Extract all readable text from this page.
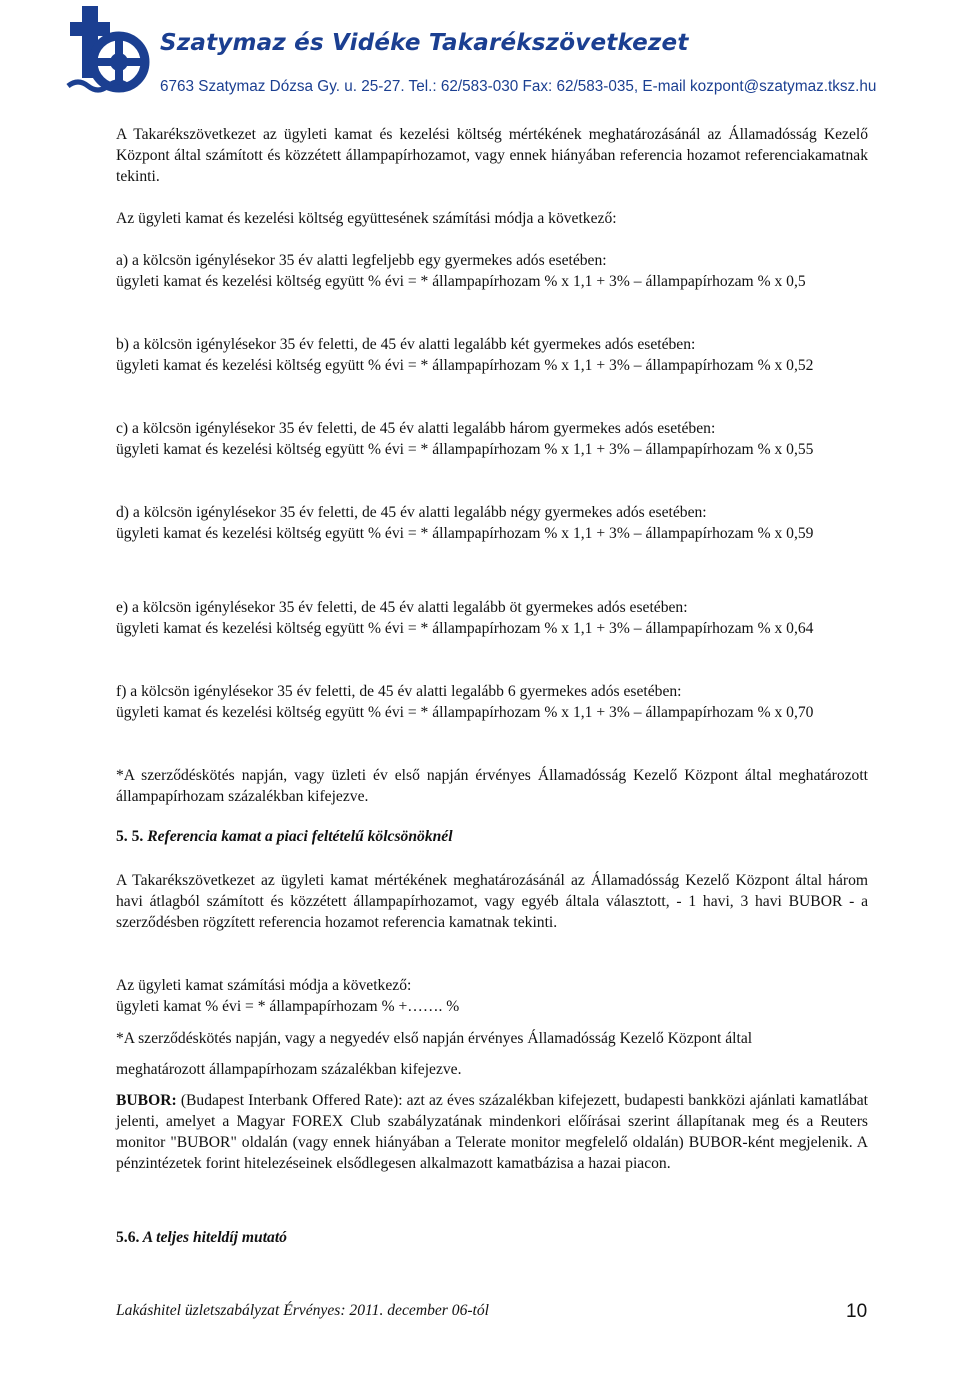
Szatymaz és Vidéke Takarékszövetkezet
6763 Szatymaz Dózsa Gy. u. 25-27. Tel.: 62/583-030 Fax: 62/583-035, E-mail kozpont@szatymaz.tksz.hu

A Takarékszövetkezet az ügyleti kamat és kezelési költség mértékének meghatározásánál az Államadósság Kezelő Központ által számított és közzétett állampapírhozamot, vagy ennek hiányában referencia hozamot referenciakamatnak tekinti.

Az ügyleti kamat és kezelési költség együttesének számítási módja a következő:

a) a kölcsön igénylésekor 35 év alatti legfeljebb egy gyermekes adós esetében:

ügyleti kamat és kezelési költség együtt % évi = * állampapírhozam % x 1,1 + 3% – állampapírhozam % x 0,5

b) a kölcsön igénylésekor 35 év feletti, de 45 év alatti legalább két gyermekes adós esetében:

ügyleti kamat és kezelési költség együtt % évi = * állampapírhozam % x 1,1 + 3% – állampapírhozam % x 0,52

c) a kölcsön igénylésekor 35 év feletti, de 45 év alatti legalább három gyermekes adós esetében:

ügyleti kamat és kezelési költség együtt % évi = * állampapírhozam % x 1,1 + 3% – állampapírhozam % x 0,55

d) a kölcsön igénylésekor 35 év feletti, de 45 év alatti legalább négy gyermekes adós esetében:

ügyleti kamat és kezelési költség együtt % évi = * állampapírhozam % x 1,1 + 3% – állampapírhozam % x 0,59

e) a kölcsön igénylésekor 35 év feletti, de 45 év alatti legalább öt gyermekes adós esetében:

ügyleti kamat és kezelési költség együtt % évi = * állampapírhozam % x 1,1 + 3% – állampapírhozam % x 0,64

f) a kölcsön igénylésekor 35 év feletti, de 45 év alatti legalább 6 gyermekes adós esetében:

ügyleti kamat és kezelési költség együtt % évi = * állampapírhozam % x 1,1 + 3% – állampapírhozam % x 0,70

*A szerződéskötés napján, vagy üzleti év első napján érvényes Államadósság Kezelő Központ által meghatározott állampapírhozam százalékban kifejezve.

5. 5. Referencia kamat a piaci feltételű kölcsönöknél

A Takarékszövetkezet az ügyleti kamat mértékének meghatározásánál az Államadósság Kezelő Központ által három havi átlagból számított és közzétett állampapírhozamot, vagy egyéb általa választott, - 1 havi, 3 havi BUBOR - a szerződésben rögzített referencia hozamot referencia kamatnak tekinti.

Az ügyleti kamat számítási módja a következő:

ügyleti kamat % évi = * állampapírhozam % +……. %

*A szerződéskötés napján, vagy a negyedév első napján érvényes Államadósság Kezelő Központ által

meghatározott állampapírhozam százalékban kifejezve.

BUBOR: (Budapest Interbank Offered Rate): azt az éves százalékban kifejezett, budapesti bankközi ajánlati kamatlábat jelenti, amelyet a Magyar FOREX Club szabályzatának mindenkori előírásai szerint állapítanak meg és a Reuters monitor "BUBOR" oldalán (vagy ennek hiányában a Telerate monitor megfelelő oldalán) BUBOR-ként megjelenik. A pénzintézetek forint hitelezéseinek elsődlegesen alkalmazott kamatbázisa a hazai piacon.

5.6. A teljes hiteldíj mutató

Lakáshitel üzletszabályzat Érvényes: 2011. december 06-tól	10
